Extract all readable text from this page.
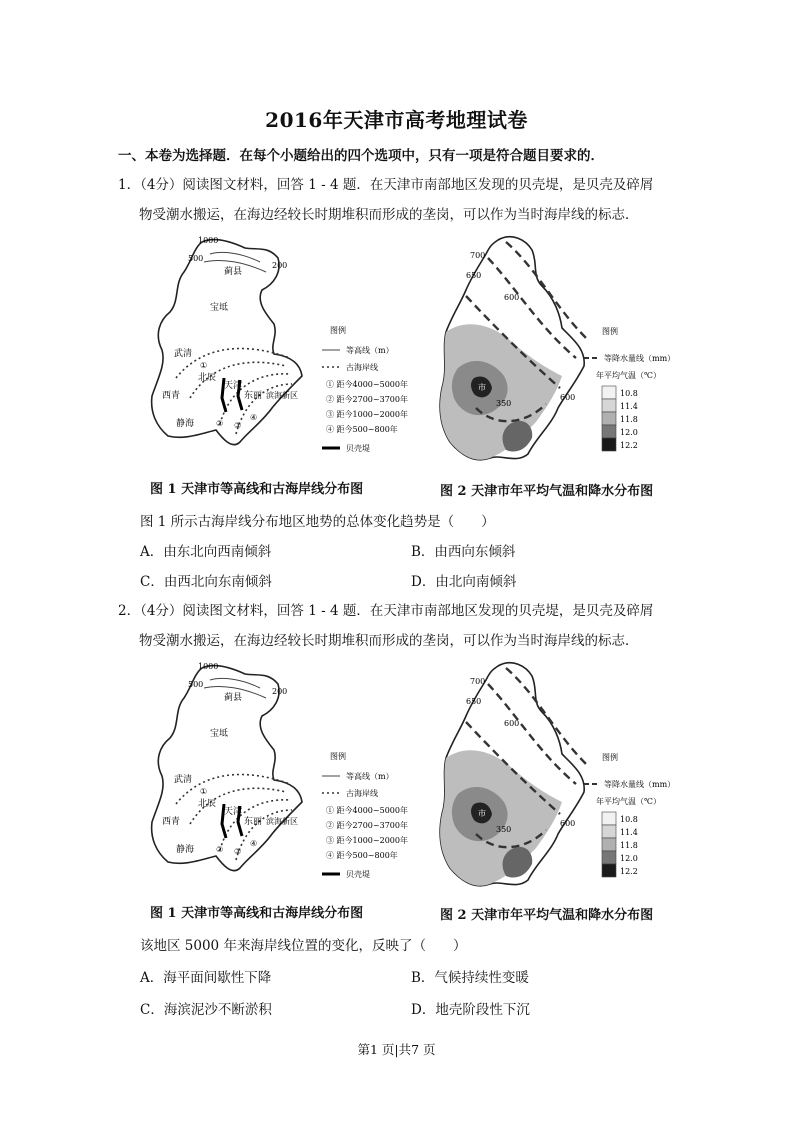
2016年天津市高考地理试卷
一、本卷为选择题．在每个小题给出的四个选项中，只有一项是符合题目要求的．
1．（4分）阅读图文材料，回答 1 - 4 题．在天津市南部地区发现的贝壳堤，是贝壳及碎屑
物受潮水搬运，在海边经较长时期堆积而形成的垄岗，可以作为当时海岸线的标志．
1000
500
200
蓟县
宝坻
武清
北辰
西青
天津
东丽
静海
滨海新区
①
② ③
④
图例
等高线（m）
古海岸线
① 距今4000~5000年
② 距今2700~3700年
③ 距今1000~2000年
④ 距今500~800年
贝壳堤
700
650
600
350
600
市
图例
等降水量线（mm）
年平均气温（℃）
10.8
11.4
11.8
12.0
12.2
图 1 天津市等高线和古海岸线分布图	图 2 天津市年平均气温和降水分布图
图 1 所示古海岸线分布地区地势的总体变化趋势是（　　）
A．由东北向西南倾斜	B．由西向东倾斜
C．由西北向东南倾斜	D．由北向南倾斜
2．（4分）阅读图文材料，回答 1 - 4 题．在天津市南部地区发现的贝壳堤，是贝壳及碎屑
物受潮水搬运，在海边经较长时期堆积而形成的垄岗，可以作为当时海岸线的标志．
1000
500
200
蓟县
宝坻
武清
北辰
西青
天津
东丽
静海
滨海新区
①
② ③
④
图例
等高线（m）
古海岸线
① 距今4000~5000年
② 距今2700~3700年
③ 距今1000~2000年
④ 距今500~800年
贝壳堤
700
650
600
350
600
市
图例
等降水量线（mm）
年平均气温（℃）
10.8
11.4
11.8
12.0
12.2
图 1 天津市等高线和古海岸线分布图	图 2 天津市年平均气温和降水分布图
该地区 5000 年来海岸线位置的变化，反映了（　　）
A．海平面间歇性下降	B．气候持续性变暖
C．海滨泥沙不断淤积	D．地壳阶段性下沉
第1 页|共7 页
